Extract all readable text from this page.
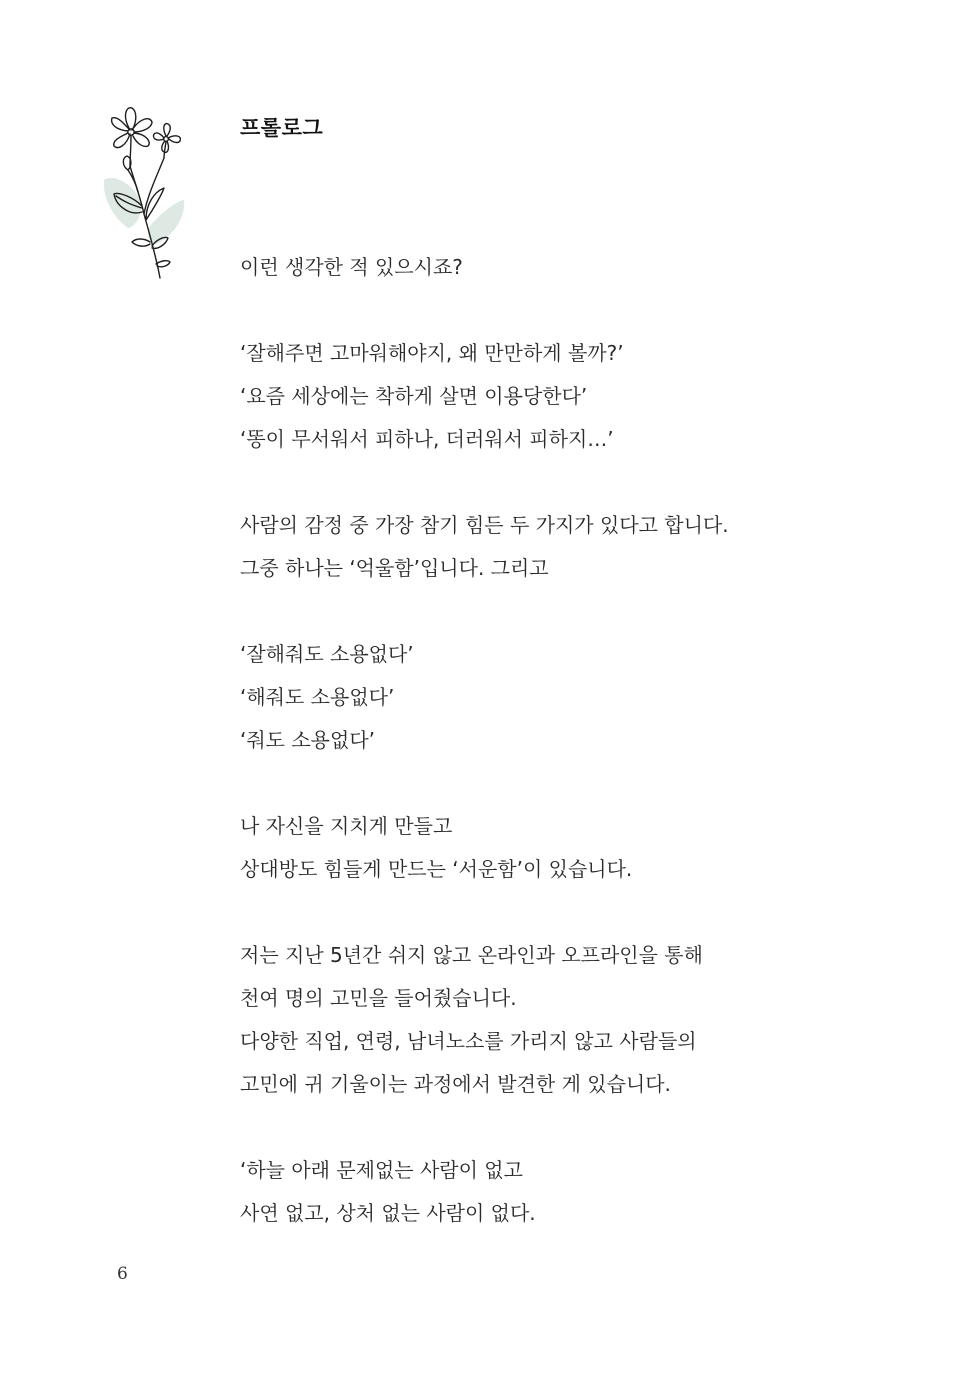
프롤로그
이런 생각한 적 있으시죠?
‘잘해주면 고마워해야지, 왜 만만하게 볼까?’
‘요즘 세상에는 착하게 살면 이용당한다’
‘똥이 무서워서 피하나, 더러워서 피하지…’
사람의 감정 중 가장 참기 힘든 두 가지가 있다고 합니다.
그중 하나는 ‘억울함’입니다. 그리고
‘잘해줘도 소용없다’
‘해줘도 소용없다’
‘줘도 소용없다’
나 자신을 지치게 만들고
상대방도 힘들게 만드는 ‘서운함’이 있습니다.
저는 지난 5년간 쉬지 않고 온라인과 오프라인을 통해
천여 명의 고민을 들어줬습니다.
다양한 직업, 연령, 남녀노소를 가리지 않고 사람들의
고민에 귀 기울이는 과정에서 발견한 게 있습니다.
‘하늘 아래 문제없는 사람이 없고
사연 없고, 상처 없는 사람이 없다.
6
